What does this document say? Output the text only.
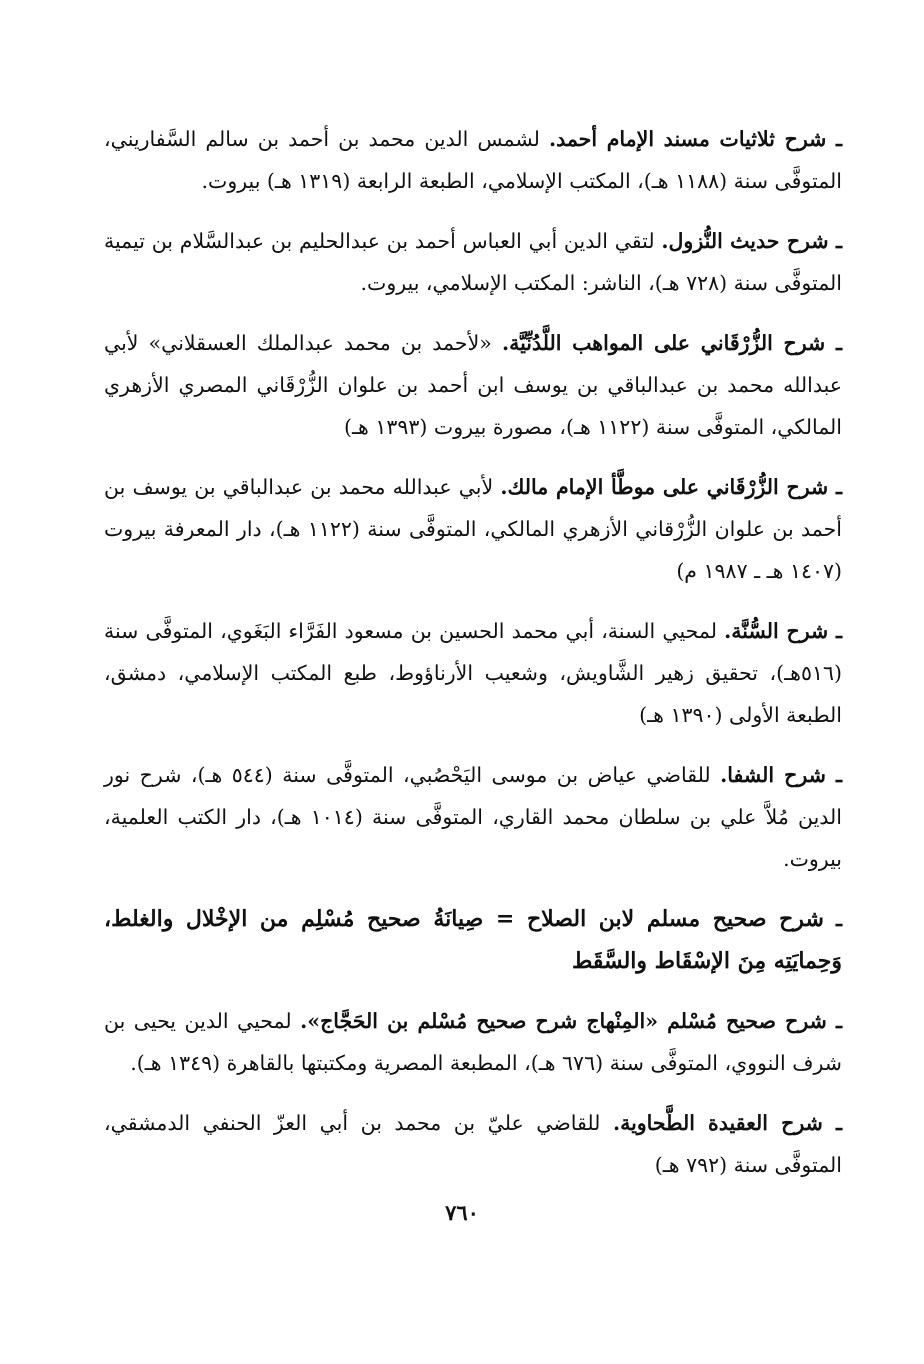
ـ شرح ثلاثيات مسند الإمام أحمد. لشمس الدين محمد بن أحمد بن سالم السَّفاريني، المتوفَّى سنة (١١٨٨ هـ)، المكتب الإسلامي، الطبعة الرابعة (١٣١٩ هـ) بيروت.

ـ شرح حديث النُّزول. لتقي الدين أبي العباس أحمد بن عبدالحليم بن عبدالسَّلام بن تيمية المتوفَّى سنة (٧٢٨ هـ)، الناشر: المكتب الإسلامي، بيروت.

ـ شرح الزُّرْقَاني على المواهب اللَّدُنِّيَّة. «لأحمد بن محمد عبدالملك العسقلاني» لأبي عبدالله محمد بن عبدالباقي بن يوسف ابن أحمد بن علوان الزُّرْقَاني المصري الأزهري المالكي، المتوفَّى سنة (١١٢٢ هـ)، مصورة بيروت (١٣٩٣ هـ)

ـ شرح الزُّرْقَاني على موطَّأ الإمام مالك. لأبي عبدالله محمد بن عبدالباقي بن يوسف بن أحمد بن علوان الزُّرْقاني الأزهري المالكي، المتوفَّى سنة (١١٢٢ هـ)، دار المعرفة بيروت (١٤٠٧ هـ ـ ١٩٨٧ م)

ـ شرح السُّنَّة. لمحيي السنة، أبي محمد الحسين بن مسعود الفَرَّاء البَغَوي، المتوفَّى سنة (٥١٦هـ)، تحقيق زهير الشَّاويش، وشعيب الأرناؤوط، طبع المكتب الإسلامي، دمشق، الطبعة الأولى (١٣٩٠ هـ)

ـ شرح الشفا. للقاضي عياض بن موسى اليَحْصُبي، المتوفَّى سنة (٥٤٤ هـ)، شرح نور الدين مُلاَّ علي بن سلطان محمد القاري، المتوفَّى سنة (١٠١٤ هـ)، دار الكتب العلمية، بيروت.

ـ شرح صحيح مسلم لابن الصلاح = صِيانَةُ صحيح مُسْلِم من الإخْلال والغلط، وَحِمايَتِه مِنَ الإسْقَاط والسَّقَط

ـ شرح صحيح مُسْلم «المِنْهاج شرح صحيح مُسْلم بن الحَجَّاج». لمحيي الدين يحيى بن شرف النووي، المتوفَّى سنة (٦٧٦ هـ)، المطبعة المصرية ومكتبتها بالقاهرة (١٣٤٩ هـ).

ـ شرح العقيدة الطَّحاوية. للقاضي عليّ بن محمد بن أبي العزّ الحنفي الدمشقي، المتوفَّى سنة (٧٩٢ هـ)

٧٦٠
